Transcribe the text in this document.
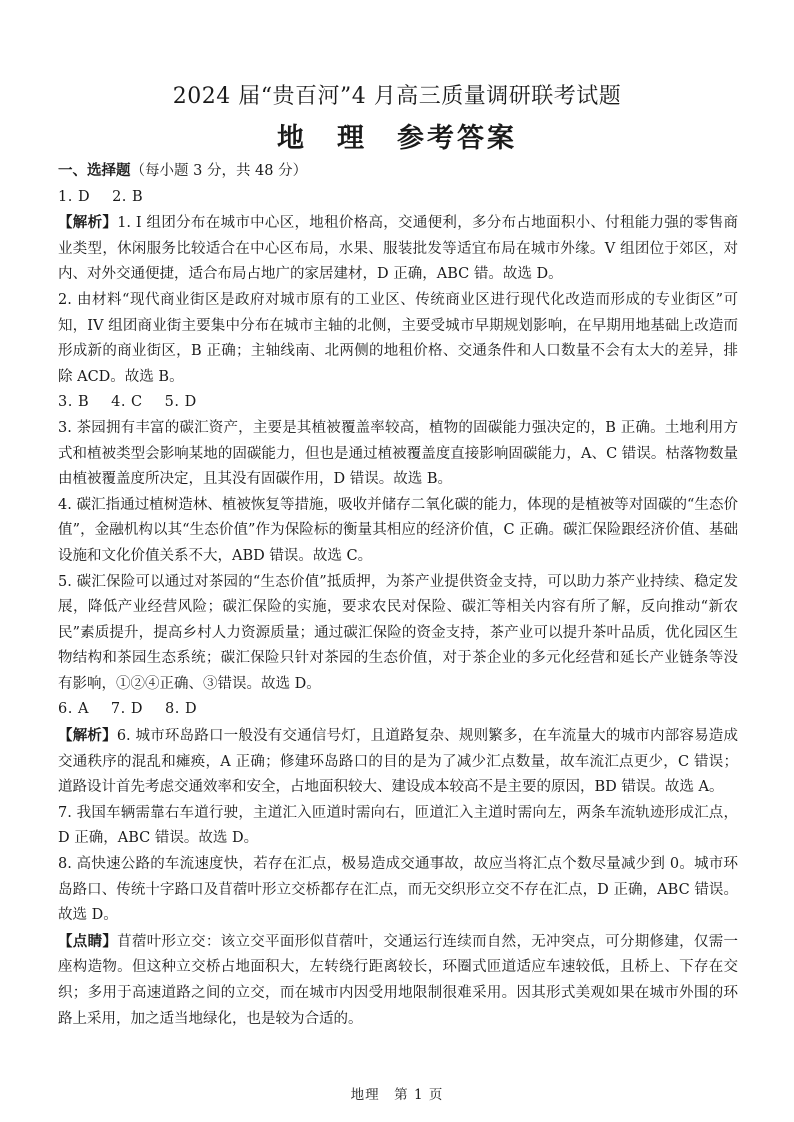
2024 届“贵百河”4 月高三质量调研联考试题
地　理　参考答案

一、选择题（每小题 3 分，共 48 分）

1. D 2. B

【解析】1. I 组团分布在城市中心区，地租价格高，交通便利，多分布占地面积小、付租能力强的零售商业类型，休闲服务比较适合在中心区布局，水果、服装批发等适宜布局在城市外缘。V 组团位于郊区，对内、对外交通便捷，适合布局占地广的家居建材，D 正确，ABC 错。故选 D。

2. 由材料“现代商业街区是政府对城市原有的工业区、传统商业区进行现代化改造而形成的专业街区”可知，IV 组团商业街主要集中分布在城市主轴的北侧，主要受城市早期规划影响，在早期用地基础上改造而形成新的商业街区，B 正确；主轴线南、北两侧的地租价格、交通条件和人口数量不会有太大的差异，排除 ACD。故选 B。

3. B 4. C 5. D

3. 茶园拥有丰富的碳汇资产，主要是其植被覆盖率较高，植物的固碳能力强决定的，B 正确。土地利用方式和植被类型会影响某地的固碳能力，但也是通过植被覆盖度直接影响固碳能力，A、C 错误。枯落物数量由植被覆盖度所决定，且其没有固碳作用，D 错误。故选 B。

4. 碳汇指通过植树造林、植被恢复等措施，吸收并储存二氧化碳的能力，体现的是植被等对固碳的“生态价值”，金融机构以其“生态价值”作为保险标的衡量其相应的经济价值，C 正确。碳汇保险跟经济价值、基础设施和文化价值关系不大，ABD 错误。故选 C。

5. 碳汇保险可以通过对茶园的“生态价值”抵质押，为茶产业提供资金支持，可以助力茶产业持续、稳定发展，降低产业经营风险；碳汇保险的实施，要求农民对保险、碳汇等相关内容有所了解，反向推动“新农民”素质提升，提高乡村人力资源质量；通过碳汇保险的资金支持，茶产业可以提升茶叶品质，优化园区生物结构和茶园生态系统；碳汇保险只针对茶园的生态价值，对于茶企业的多元化经营和延长产业链条等没有影响，①②④正确、③错误。故选 D。

6. A 7. D 8. D

【解析】6. 城市环岛路口一般没有交通信号灯，且道路复杂、规则繁多，在车流量大的城市内部容易造成交通秩序的混乱和瘫痪，A 正确；修建环岛路口的目的是为了减少汇点数量，故车流汇点更少，C 错误；道路设计首先考虑交通效率和安全，占地面积较大、建设成本较高不是主要的原因，BD 错误。故选 A。

7. 我国车辆需靠右车道行驶，主道汇入匝道时需向右，匝道汇入主道时需向左，两条车流轨迹形成汇点，D 正确，ABC 错误。故选 D。

8. 高快速公路的车流速度快，若存在汇点，极易造成交通事故，故应当将汇点个数尽量减少到 0。城市环岛路口、传统十字路口及苜蓿叶形立交桥都存在汇点，而无交织形立交不存在汇点，D 正确，ABC 错误。故选 D。

【点睛】苜蓿叶形立交：该立交平面形似苜蓿叶，交通运行连续而自然，无冲突点，可分期修建，仅需一座构造物。但这种立交桥占地面积大，左转绕行距离较长，环圈式匝道适应车速较低，且桥上、下存在交织；多用于高速道路之间的立交，而在城市内因受用地限制很难采用。因其形式美观如果在城市外围的环路上采用，加之适当地绿化，也是较为合适的。

地理　第 1 页
